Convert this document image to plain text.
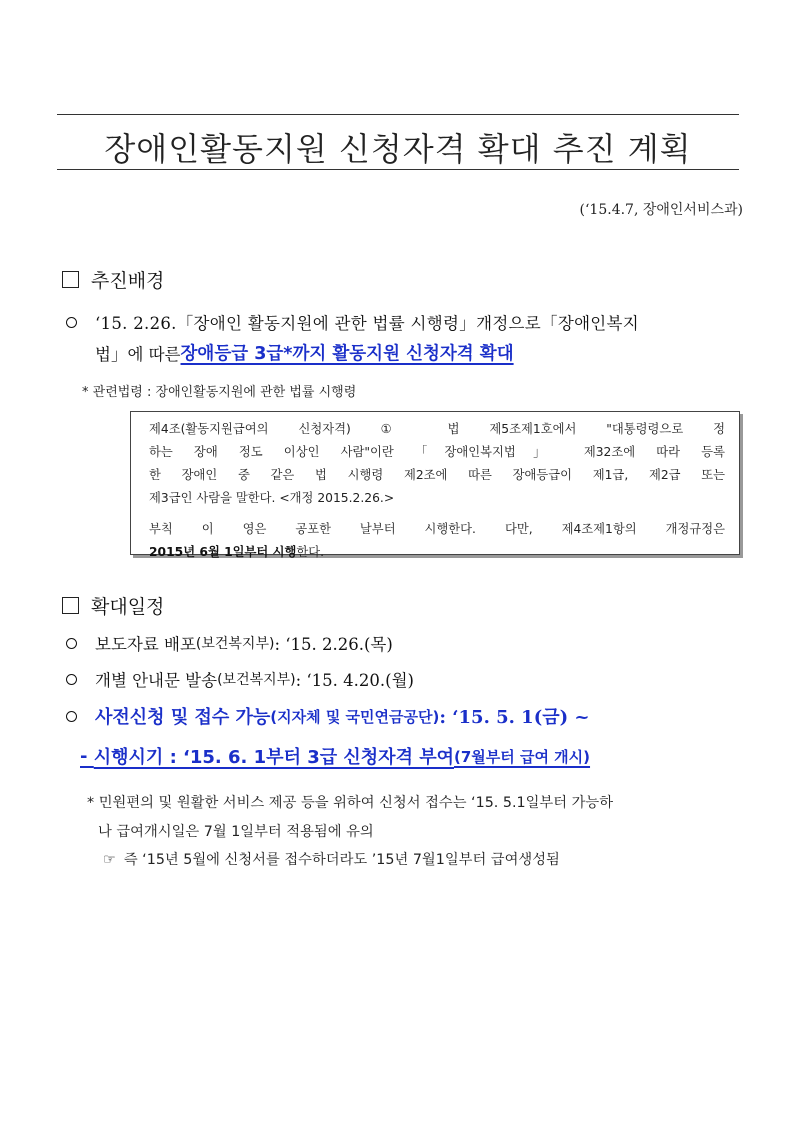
장애인활동지원 신청자격 확대 추진 계획
(‘15.4.7, 장애인서비스과)
추진배경
‘15. 2.26.「장애인 활동지원에 관한 법률 시행령」개정으로「장애인복지
법」에 따른 장애등급 3급*까지 활동지원 신청자격 확대
* 관련법령 : 장애인활동지원에 관한 법률 시행령

제4조(활동지원급여의 신청자격) ① 법 제5조제1호에서 "대통령령으로 정

하는 장애 정도 이상인 사람"이란 「장애인복지법」 제32조에 따라 등록

한 장애인 중 같은 법 시행령 제2조에 따른 장애등급이 제1급, 제2급 또는

제3급인 사람을 말한다. <개정 2015.2.26.>

부칙 이 영은 공포한 날부터 시행한다. 다만, 제4조제1항의 개정규정은

2015년 6월 1일부터 시행한다.

확대일정
보도자료 배포 (보건복지부) : ‘15. 2.26.(목)
개별 안내문 발송 (보건복지부) : ‘15. 4.20.(월)
사전신청 및 접수 가능 (지자체 및 국민연금공단) : ‘15. 5. 1(금) ~
- 시행시기 : ‘15. 6. 1부터 3급 신청자격 부여 (7월부터 급여 개시)
* 민원편의 및 원활한 서비스 제공 등을 위하여 신청서 접수는 ‘15. 5.1일부터 가능하
나 급여개시일은 7월 1일부터 적용됨에 유의
☞ 즉 ‘15년 5월에 신청서를 접수하더라도 ’15년 7월1일부터 급여생성됨
